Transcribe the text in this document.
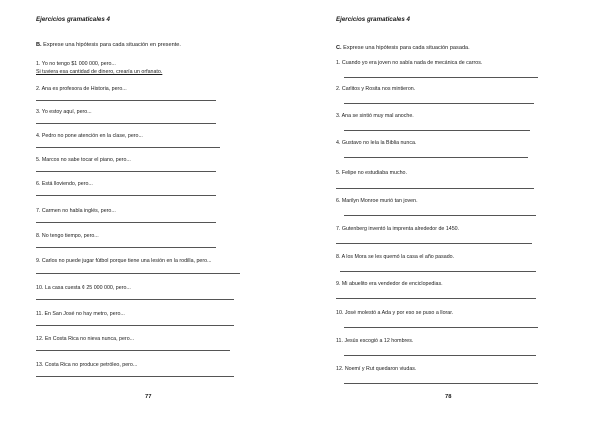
Ejercicios gramaticales 4
B. Exprese una hipótesis para cada situación en presente.
1. Yo no tengo $1 000 000, pero...
Si tuviera esa cantidad de dinero, crearía un orfanato.
2. Ana es profesora de Historia, pero...
3. Yo estoy aquí, pero...
4. Pedro no pone atención en la clase, pero...
5. Marcos no sabe tocar el piano, pero...
6. Está lloviendo, pero...
7. Carmen no habla inglés, pero...
8. No tengo tiempo, pero...
9. Carlos no puede jugar fútbol porque tiene una lesión en la rodilla, pero...
10. La casa cuesta ¢ 25 000 000, pero...
11. En San José no hay metro, pero...
12. En Costa Rica no nieva nunca, pero...
13. Costa Rica no produce petróleo, pero...
77
Ejercicios gramaticales 4
C. Exprese una hipótesis para cada situación pasada.
1. Cuando yo era joven no sabía nada de mecánica de carros.
2. Carlitos y Rosita nos mintieron.
3. Ana se sintió muy mal anoche.
4. Gustavo no leía la Biblia nunca.
5. Felipe no estudiaba mucho.
6. Marilyn Monroe murió tan joven.
7. Gutenberg inventó la imprenta alrededor de 1450.
8. A los Mora se les quemó la casa el año pasado.
9. Mi abuelito era vendedor de enciclopedias.
10. José molestó a Ada y por eso se puso a llorar.
11. Jesús escogió a 12 hombres.
12. Noemí y Rut quedaron viudas.
78
